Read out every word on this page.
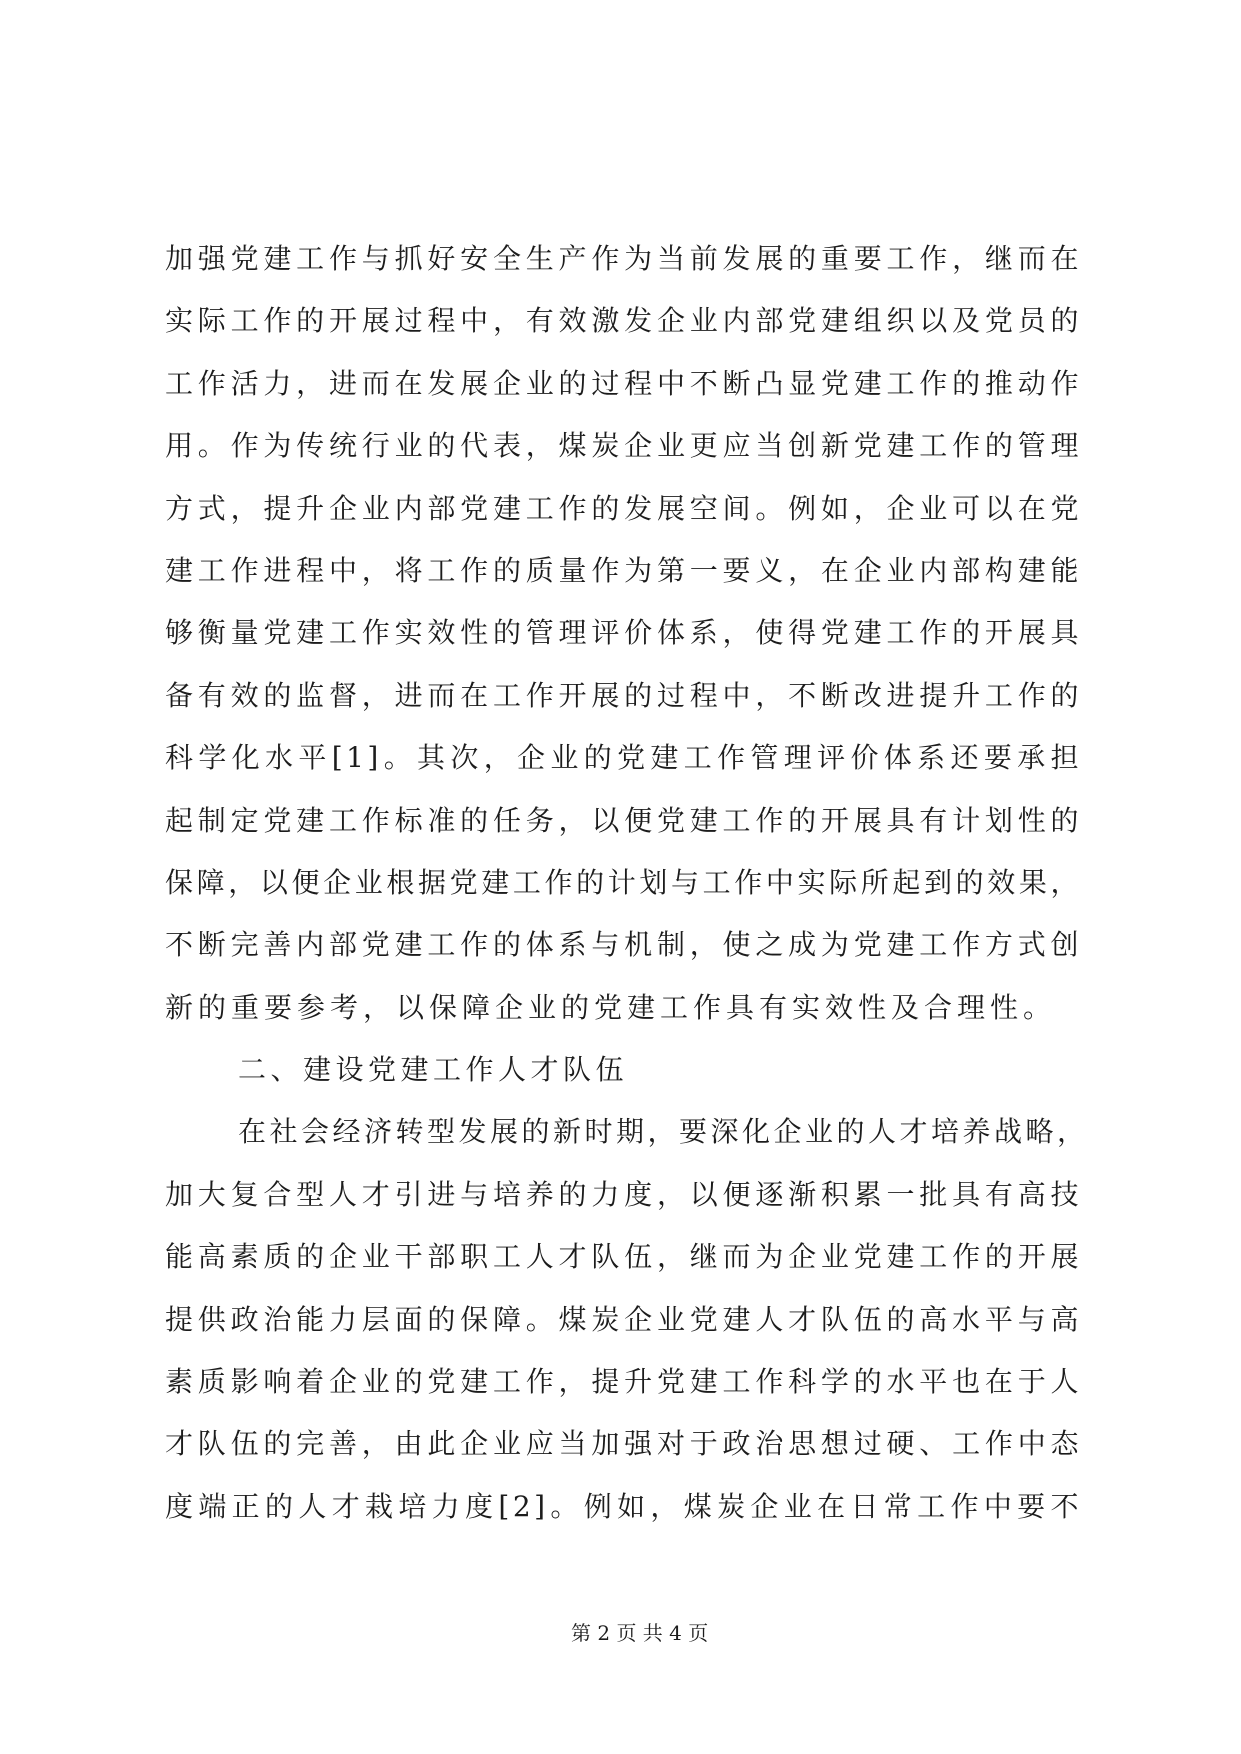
加强党建工作与抓好安全生产作为当前发展的重要工作，继而在
实际工作的开展过程中，有效激发企业内部党建组织以及党员的
工作活力，进而在发展企业的过程中不断凸显党建工作的推动作
用。作为传统行业的代表，煤炭企业更应当创新党建工作的管理
方式，提升企业内部党建工作的发展空间。例如，企业可以在党
建工作进程中，将工作的质量作为第一要义，在企业内部构建能
够衡量党建工作实效性的管理评价体系，使得党建工作的开展具
备有效的监督，进而在工作开展的过程中，不断改进提升工作的
科学化水平[1]。其次，企业的党建工作管理评价体系还要承担
起制定党建工作标准的任务，以便党建工作的开展具有计划性的
保障，以便企业根据党建工作的计划与工作中实际所起到的效果，
不断完善内部党建工作的体系与机制，使之成为党建工作方式创
新的重要参考，以保障企业的党建工作具有实效性及合理性。
二、建设党建工作人才队伍
在社会经济转型发展的新时期，要深化企业的人才培养战略，
加大复合型人才引进与培养的力度，以便逐渐积累一批具有高技
能高素质的企业干部职工人才队伍，继而为企业党建工作的开展
提供政治能力层面的保障。煤炭企业党建人才队伍的高水平与高
素质影响着企业的党建工作，提升党建工作科学的水平也在于人
才队伍的完善，由此企业应当加强对于政治思想过硬、工作中态
度端正的人才栽培力度[2]。例如，煤炭企业在日常工作中要不
第 2 页 共 4 页
